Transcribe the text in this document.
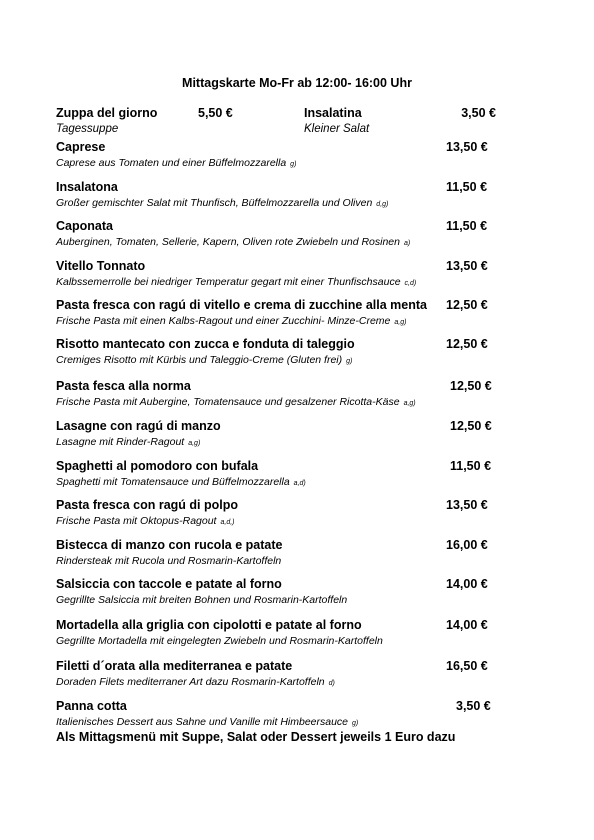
Mittagskarte Mo-Fr ab 12:00- 16:00 Uhr
Zuppa del giorno	5,50 €
Tagessuppe
Insalatina	3,50 €
Kleiner Salat
Caprese	13,50 €
Caprese aus Tomaten und einer Büffelmozzarella g)
Insalatona	11,50 €
Großer gemischter Salat mit Thunfisch, Büffelmozzarella und Oliven d,g)
Caponata	11,50 €
Auberginen, Tomaten, Sellerie, Kapern, Oliven rote Zwiebeln und Rosinen a)
Vitello Tonnato	13,50 €
Kalbssemerrolle bei niedriger Temperatur gegart mit einer Thunfischsauce c,d)
Pasta fresca con ragú di vitello e crema di zucchine alla menta 12,50 €
Frische Pasta mit einen Kalbs-Ragout und einer Zucchini- Minze-Creme a,g)
Risotto mantecato con zucca e fonduta di taleggio	12,50 €
Cremiges Risotto mit Kürbis und Taleggio-Creme (Gluten frei) g)
Pasta fesca alla norma	12,50 €
Frische Pasta mit Aubergine, Tomatensauce und gesalzener Ricotta-Käse a,g)
Lasagne con ragú di manzo	12,50 €
Lasagne mit Rinder-Ragout a,g)
Spaghetti al pomodoro con bufala	11,50 €
Spaghetti mit Tomatensauce und Büffelmozzarella a,d)
Pasta fresca con ragú di polpo	13,50 €
Frische Pasta mit Oktopus-Ragout a,d,)
Bistecca di manzo con rucola e patate	16,00 €
Rindersteak mit Rucola und Rosmarin-Kartoffeln
Salsiccia con taccole e patate al forno	14,00 €
Gegrillte Salsiccia mit breiten Bohnen und Rosmarin-Kartoffeln
Mortadella alla griglia con cipolotti e patate al forno	14,00 €
Gegrillte Mortadella mit eingelegten Zwiebeln und Rosmarin-Kartoffeln
Filetti d´orata alla mediterranea e patate	16,50 €
Doraden Filets mediterraner Art dazu Rosmarin-Kartoffeln d)
Panna cotta	3,50 €
Italienisches Dessert aus Sahne und Vanille mit Himbeersauce g)
Als Mittagsmenü mit Suppe, Salat oder Dessert jeweils 1 Euro dazu
